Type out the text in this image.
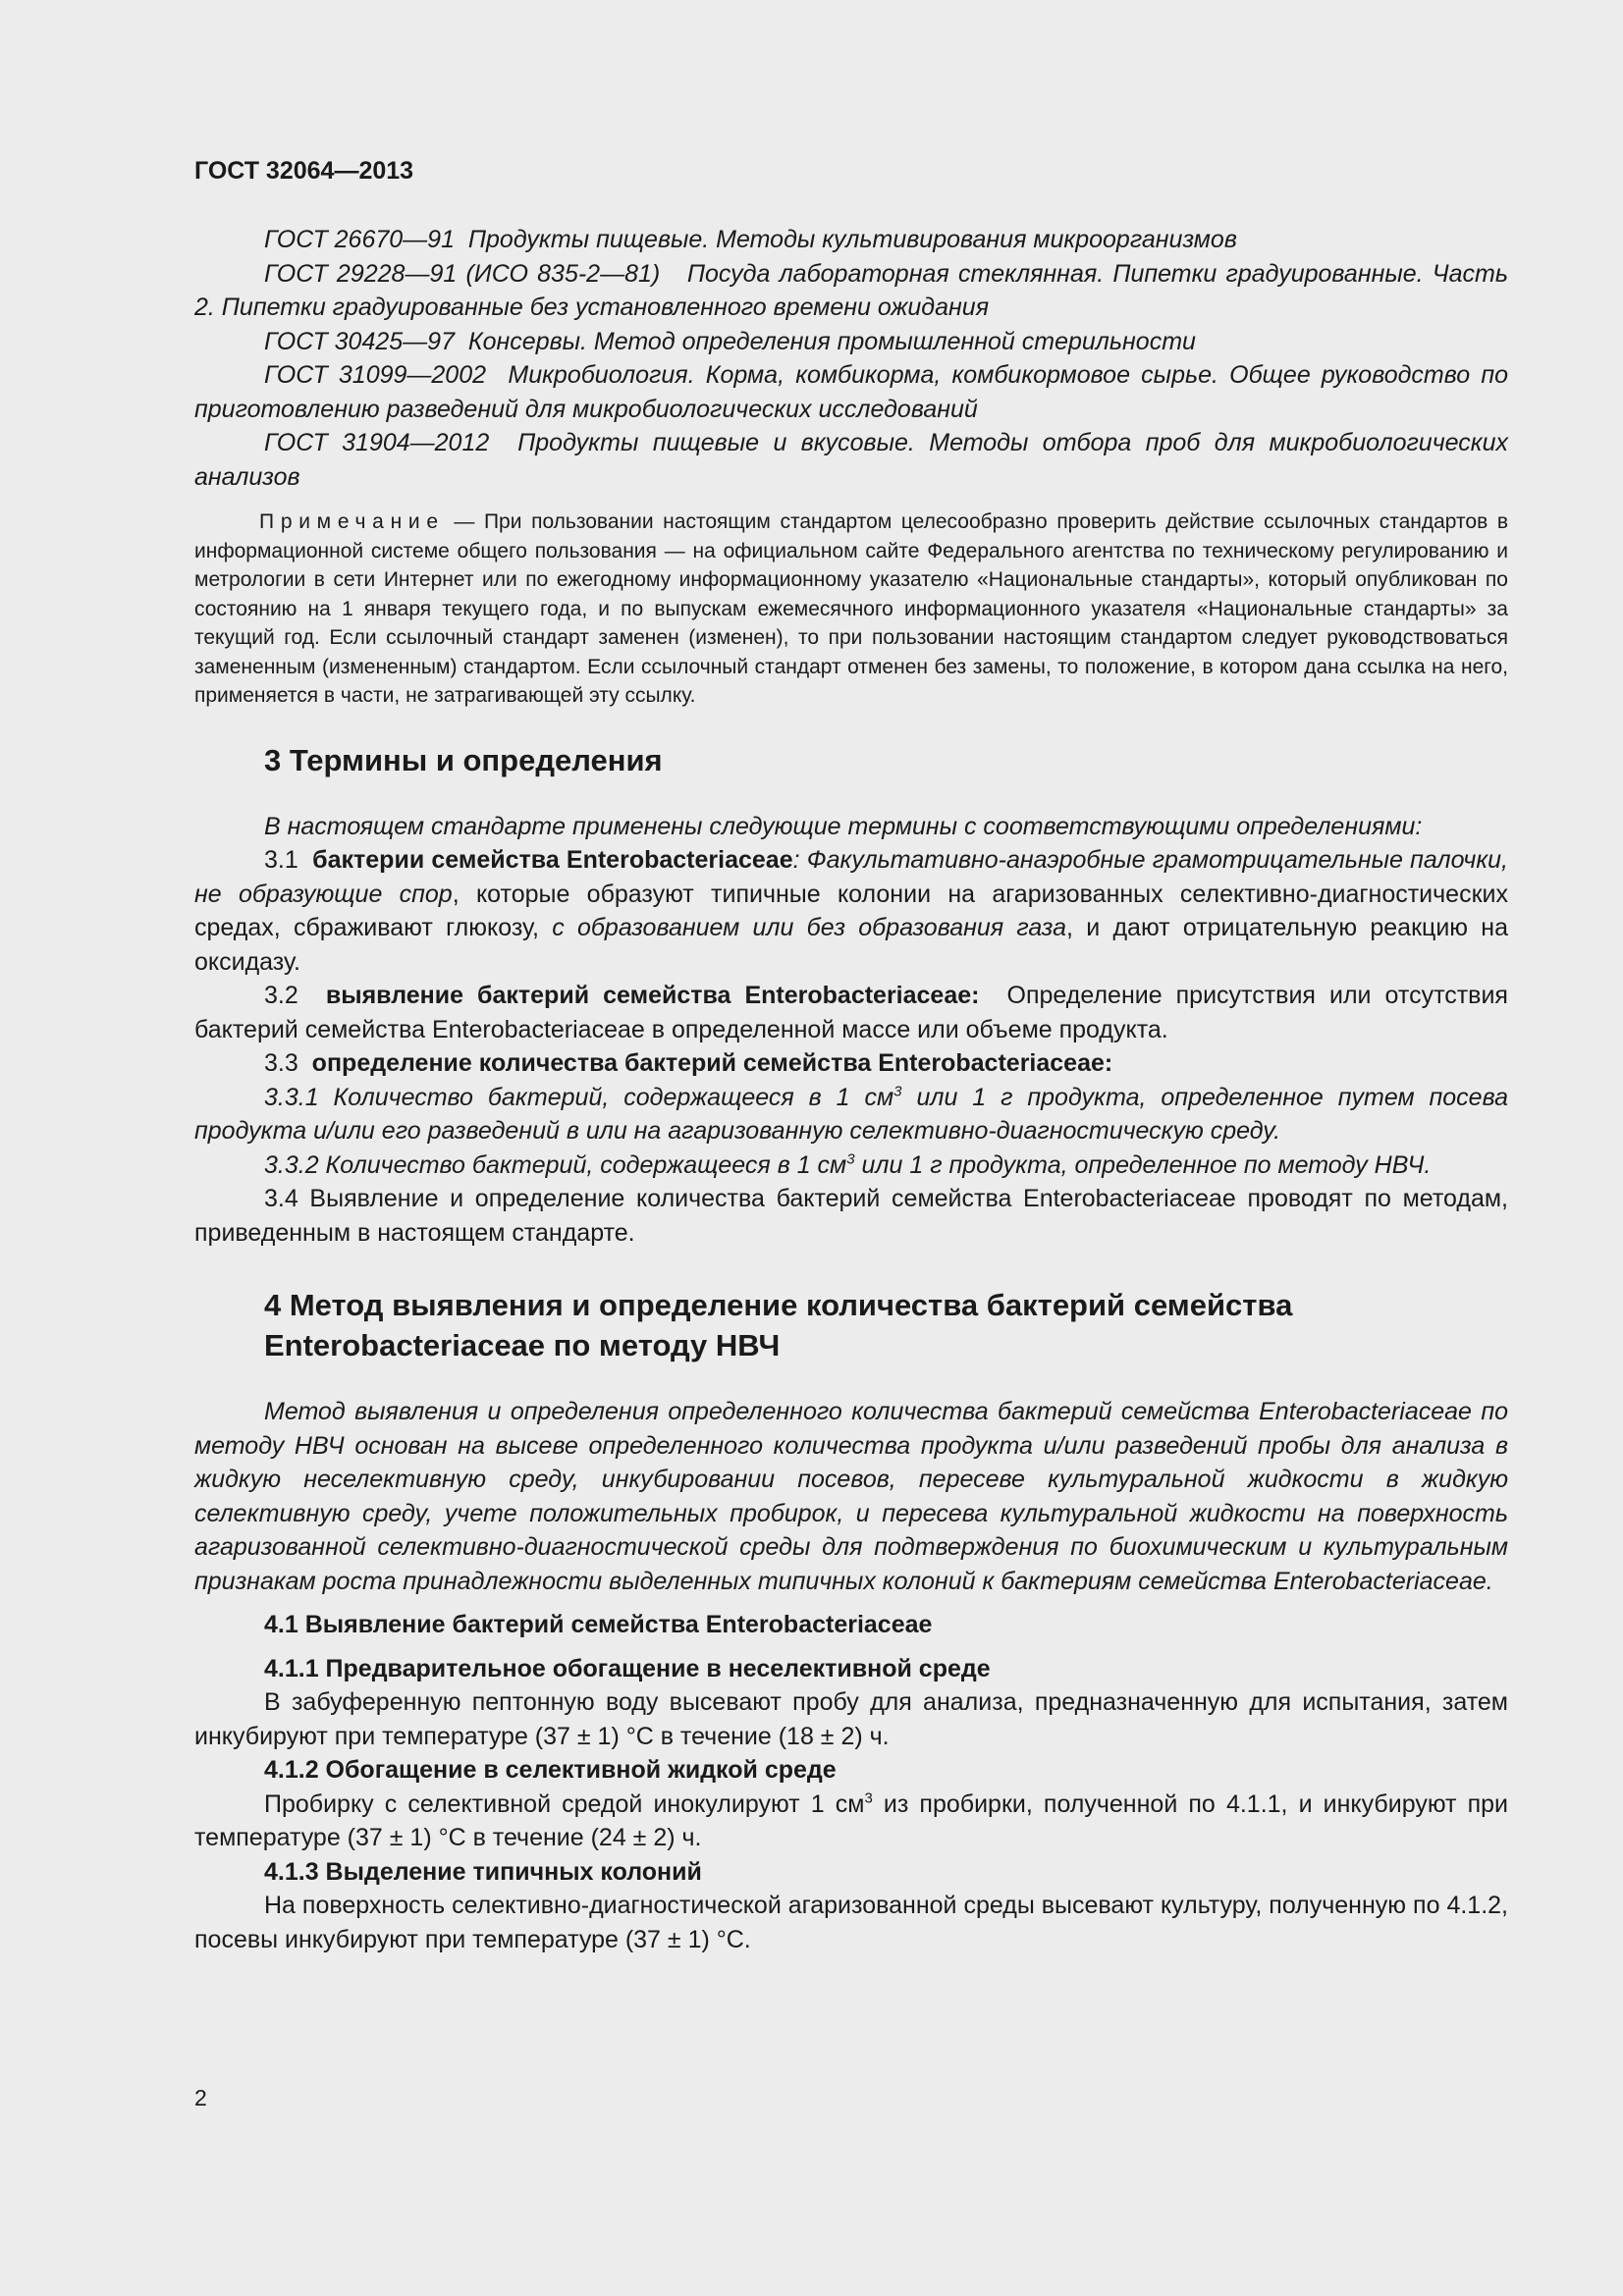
ГОСТ 32064—2013

ГОСТ 26670—91 Продукты пищевые. Методы культивирования микроорганизмов

ГОСТ 29228—91 (ИСО 835-2—81) Посуда лабораторная стеклянная. Пипетки градуированные. Часть 2. Пипетки градуированные без установленного времени ожидания

ГОСТ 30425—97 Консервы. Метод определения промышленной стерильности

ГОСТ 31099—2002 Микробиология. Корма, комбикорма, комбикормовое сырье. Общее руководство по приготовлению разведений для микробиологических исследований

ГОСТ 31904—2012 Продукты пищевые и вкусовые. Методы отбора проб для микробиологических анализов

Примечание — При пользовании настоящим стандартом целесообразно проверить действие ссылочных стандартов в информационной системе общего пользования — на официальном сайте Федерального агентства по техническому регулированию и метрологии в сети Интернет или по ежегодному информационному указателю «Национальные стандарты», который опубликован по состоянию на 1 января текущего года, и по выпускам ежемесячного информационного указателя «Национальные стандарты» за текущий год. Если ссылочный стандарт заменен (изменен), то при пользовании настоящим стандартом следует руководствоваться замененным (измененным) стандартом. Если ссылочный стандарт отменен без замены, то положение, в котором дана ссылка на него, применяется в части, не затрагивающей эту ссылку.

3 Термины и определения

В настоящем стандарте применены следующие термины с соответствующими определениями:

3.1 бактерии семейства Enterobacteriaceae: Факультативно-анаэробные грамотрицательные палочки, не образующие спор, которые образуют типичные колонии на агаризованных селективно-диагностических средах, сбраживают глюкозу, с образованием или без образования газа, и дают отрицательную реакцию на оксидазу.

3.2 выявление бактерий семейства Enterobacteriaceae: Определение присутствия или отсутствия бактерий семейства Enterobacteriaceae в определенной массе или объеме продукта.

3.3 определение количества бактерий семейства Enterobacteriaceae:

3.3.1 Количество бактерий, содержащееся в 1 $см^3$ или 1 г продукта, определенное путем посева продукта и/или его разведений в или на агаризованную селективно-диагностическую среду.

3.3.2 Количество бактерий, содержащееся в 1 $см^3$ или 1 г продукта, определенное по методу НВЧ.

3.4 Выявление и определение количества бактерий семейства Enterobacteriaceae проводят по методам, приведенным в настоящем стандарте.

4 Метод выявления и определение количества бактерий семейства
Enterobacteriaceae по методу НВЧ

Метод выявления и определения определенного количества бактерий семейства Enterobacteriaceae по методу НВЧ основан на высеве определенного количества продукта и/или разведений пробы для анализа в жидкую неселективную среду, инкубировании посевов, пересеве культуральной жидкости в жидкую селективную среду, учете положительных пробирок, и пересева культуральной жидкости на поверхность агаризованной селективно-диагностической среды для подтверждения по биохимическим и культуральным признакам роста принадлежности выделенных типичных колоний к бактериям семейства Enterobacteriaceae.

4.1 Выявление бактерий семейства Enterobacteriaceae
4.1.1 Предварительное обогащение в неселективной среде

В забуференную пептонную воду высевают пробу для анализа, предназначенную для испытания, затем инкубируют при температуре (37 ± 1) °С в течение (18 ± 2) ч.

4.1.2 Обогащение в селективной жидкой среде

Пробирку с селективной средой инокулируют 1 $см^3$ из пробирки, полученной по 4.1.1, и инкубируют при температуре (37 ± 1) °С в течение (24 ± 2) ч.

4.1.3 Выделение типичных колоний

На поверхность селективно-диагностической агаризованной среды высевают культуру, полученную по 4.1.2, посевы инкубируют при температуре (37 ± 1) °С.

2
